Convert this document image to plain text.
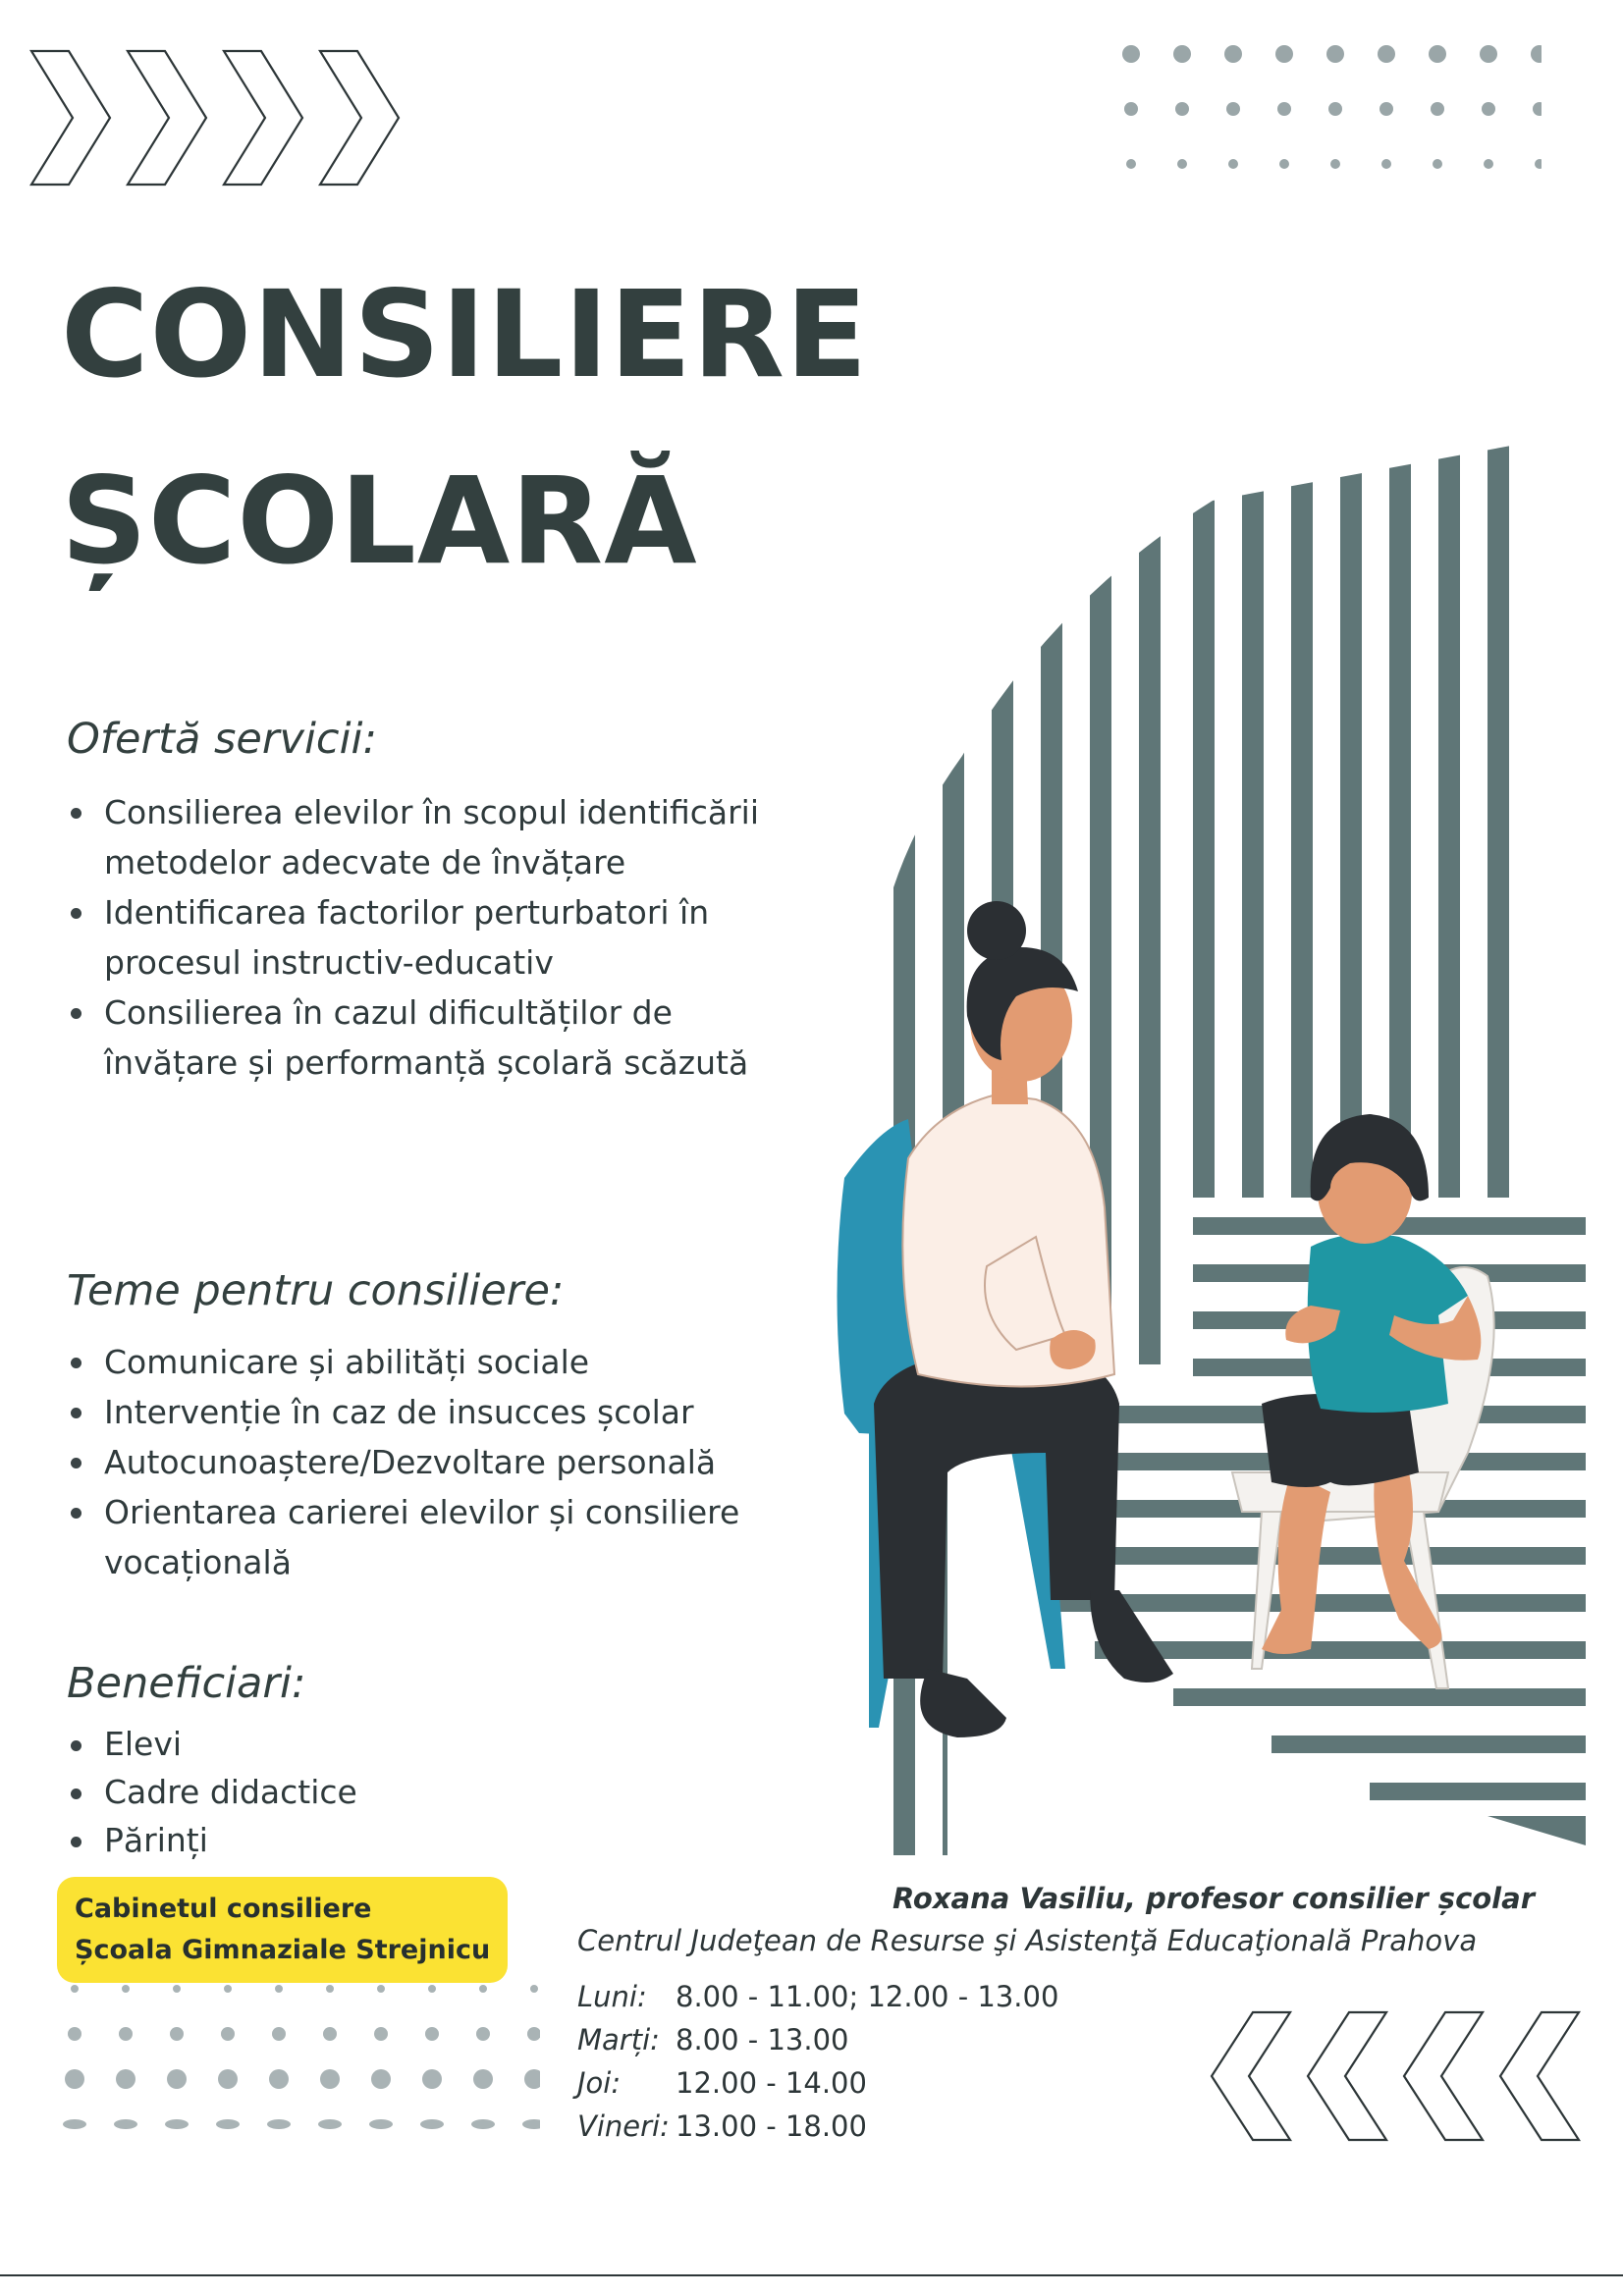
CONSILIERE
ȘCOLARĂ
Ofertă servicii:
Consilierea elevilor în scopul identificării metodelor adecvate de învățare
Identificarea factorilor perturbatori în procesul instructiv-educativ
Consilierea în cazul dificultăților de învățare și performanță școlară scăzută
Teme pentru consiliere:
Comunicare și abilități sociale
Intervenție în caz de insucces școlar
Autocunoaștere/Dezvoltare personală
Orientarea carierei elevilor și consiliere vocațională
Beneficiari:
Elevi
Cadre didactice
Părinți
Cabinetul consiliere
Școala Gimnaziale Strejnicu
Roxana Vasiliu, profesor consilier școlar
Centrul Judeţean de Resurse şi Asistenţă Educaţională Prahova
Luni:	8.00 - 11.00; 12.00 - 13.00
Marți:	8.00 - 13.00
Joi:	12.00 - 14.00
Vineri:	13.00 - 18.00
